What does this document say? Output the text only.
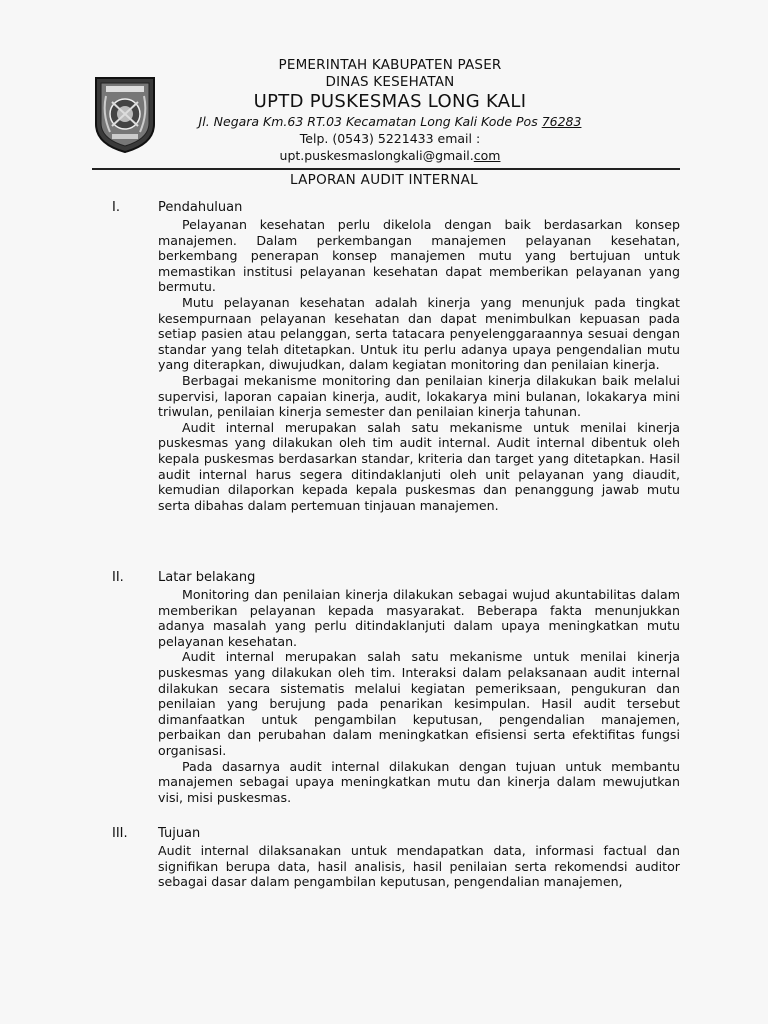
PEMERINTAH KABUPATEN PASER
DINAS KESEHATAN
UPTD PUSKESMAS LONG KALI
Jl. Negara Km.63 RT.03 Kecamatan Long Kali Kode Pos 76283
Telp. (0543) 5221433 email :
upt.puskesmaslongkali@gmail.com
LAPORAN AUDIT INTERNAL
I.	Pendahuluan

Pelayanan kesehatan perlu dikelola dengan baik berdasarkan konsep manajemen. Dalam perkembangan manajemen pelayanan kesehatan, berkembang penerapan konsep manajemen mutu yang bertujuan untuk memastikan institusi pelayanan kesehatan dapat memberikan pelayanan yang bermutu.

Mutu pelayanan kesehatan adalah kinerja yang menunjuk pada tingkat kesempurnaan pelayanan kesehatan dan dapat menimbulkan kepuasan pada setiap pasien atau pelanggan, serta tatacara penyelenggaraannya sesuai dengan standar yang telah ditetapkan. Untuk itu perlu adanya upaya pengendalian mutu yang diterapkan, diwujudkan, dalam kegiatan monitoring dan penilaian kinerja.

Berbagai mekanisme monitoring dan penilaian kinerja dilakukan baik melalui supervisi, laporan capaian kinerja, audit, lokakarya mini bulanan, lokakarya mini triwulan, penilaian kinerja semester dan penilaian kinerja tahunan.

Audit internal merupakan salah satu mekanisme untuk menilai kinerja puskesmas yang dilakukan oleh tim audit internal. Audit internal dibentuk oleh kepala puskesmas berdasarkan standar, kriteria dan target yang ditetapkan. Hasil audit internal harus segera ditindaklanjuti oleh unit pelayanan yang diaudit, kemudian dilaporkan kepada kepala puskesmas dan penanggung jawab mutu serta dibahas dalam pertemuan tinjauan manajemen.

II.	Latar belakang

Monitoring dan penilaian kinerja dilakukan sebagai wujud akuntabilitas dalam memberikan pelayanan kepada masyarakat. Beberapa fakta menunjukkan adanya masalah yang perlu ditindaklanjuti dalam upaya meningkatkan mutu pelayanan kesehatan.

Audit internal merupakan salah satu mekanisme untuk menilai kinerja puskesmas yang dilakukan oleh tim. Interaksi dalam pelaksanaan audit internal dilakukan secara sistematis melalui kegiatan pemeriksaan, pengukuran dan penilaian yang berujung pada penarikan kesimpulan. Hasil audit tersebut dimanfaatkan untuk pengambilan keputusan, pengendalian manajemen, perbaikan dan perubahan dalam meningkatkan efisiensi serta efektifitas fungsi organisasi.

Pada dasarnya audit internal dilakukan dengan tujuan untuk membantu manajemen sebagai upaya meningkatkan mutu dan kinerja dalam mewujutkan visi, misi puskesmas.

III. Tujuan

Audit internal dilaksanakan untuk mendapatkan data, informasi factual dan signifikan berupa data, hasil analisis, hasil penilaian serta rekomendsi auditor sebagai dasar dalam pengambilan keputusan, pengendalian manajemen,
